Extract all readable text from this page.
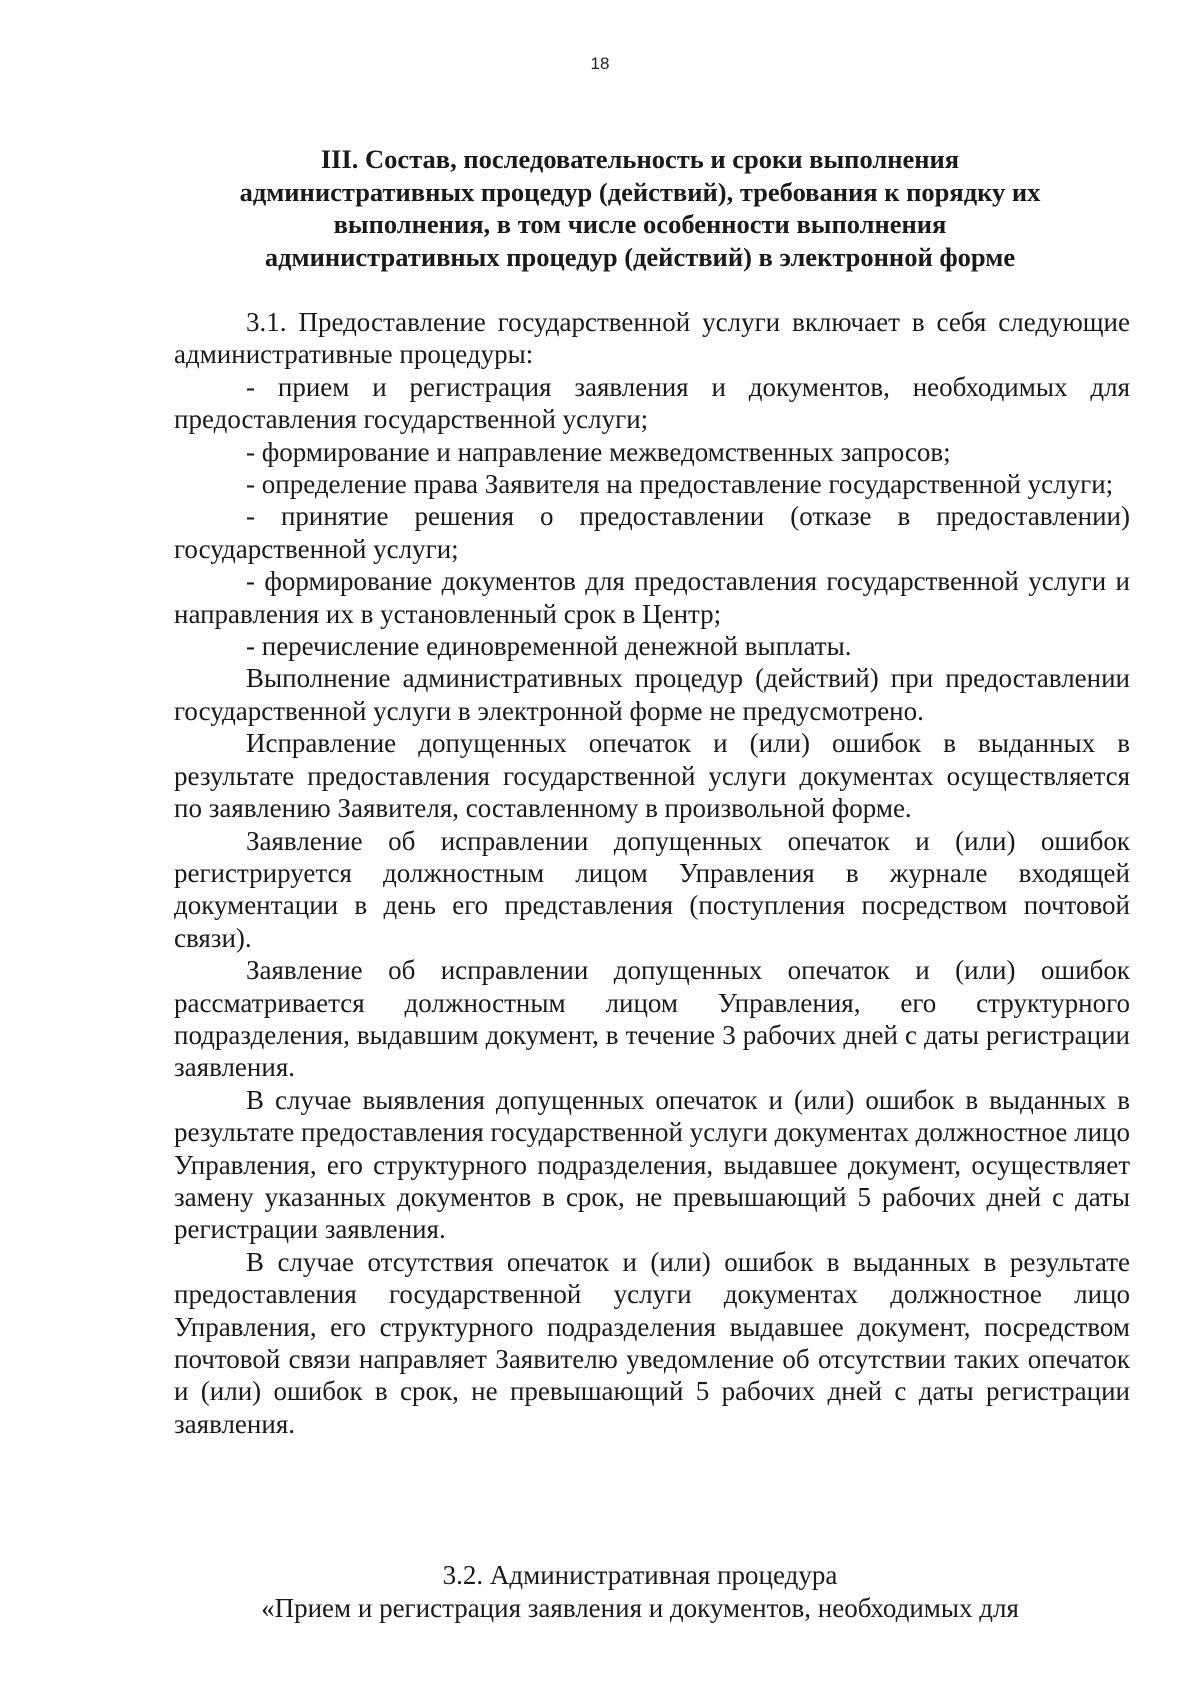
18
III. Состав, последовательность и сроки выполнения
административных процедур (действий), требования к порядку их
выполнения, в том числе особенности выполнения
административных процедур (действий) в электронной форме

3.1. Предоставление государственной услуги включает в себя следующие административные процедуры:

- прием и регистрация заявления и документов, необходимых для предоставления государственной услуги;

- формирование и направление межведомственных запросов;

- определение права Заявителя на предоставление государственной услуги;

- принятие решения о предоставлении (отказе в предоставлении) государственной услуги;

- формирование документов для предоставления государственной услуги и направления их в установленный срок в Центр;

- перечисление единовременной денежной выплаты.

Выполнение административных процедур (действий) при предоставлении государственной услуги в электронной форме не предусмотрено.

Исправление допущенных опечаток и (или) ошибок в выданных в результате предоставления государственной услуги документах осуществляется по заявлению Заявителя, составленному в произвольной форме.

Заявление об исправлении допущенных опечаток и (или) ошибок регистрируется должностным лицом Управления в журнале входящей документации в день его представления (поступления посредством почтовой связи).

Заявление об исправлении допущенных опечаток и (или) ошибок рассматривается должностным лицом Управления, его структурного подразделения, выдавшим документ, в течение 3 рабочих дней с даты регистрации заявления.

В случае выявления допущенных опечаток и (или) ошибок в выданных в результате предоставления государственной услуги документах должностное лицо Управления, его структурного подразделения, выдавшее документ, осуществляет замену указанных документов в срок, не превышающий 5 рабочих дней с даты регистрации заявления.

В случае отсутствия опечаток и (или) ошибок в выданных в результате предоставления государственной услуги документах должностное лицо Управления, его структурного подразделения выдавшее документ, посредством почтовой связи направляет Заявителю уведомление об отсутствии таких опечаток и (или) ошибок в срок, не превышающий 5 рабочих дней с даты регистрации заявления.

3.2. Административная процедура
«Прием и регистрация заявления и документов, необходимых для
